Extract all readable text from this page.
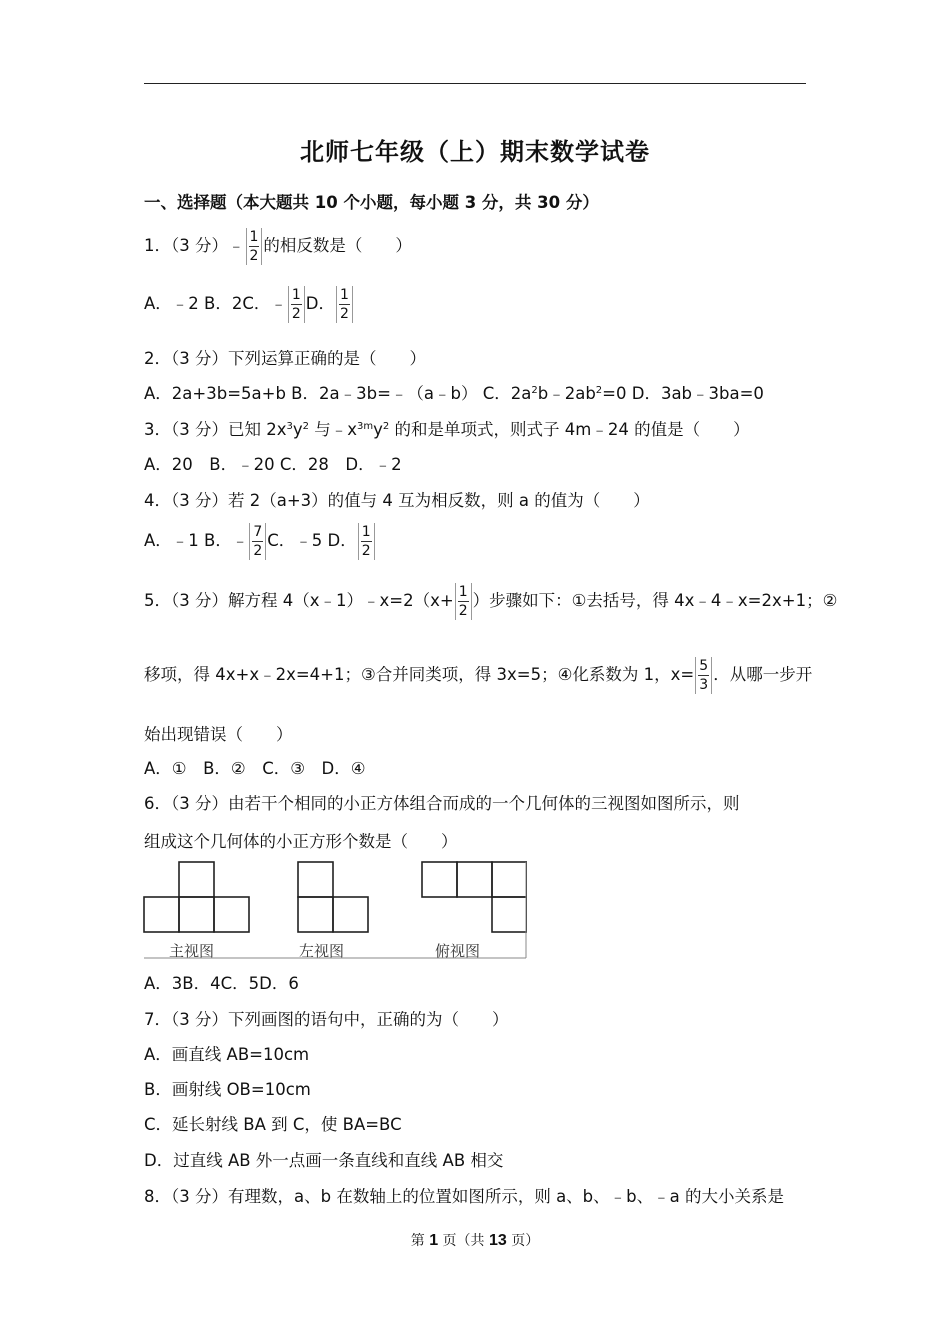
北师七年级（上）期末数学试卷
一、选择题（本大题共 10 个小题，每小题 3 分，共 30 分）
1．（3 分）﹣ $\frac{1}{2}$ 的相反数是（　　）
A．﹣2 B．2C．﹣ $\frac{1}{2}$ D． $\frac{1}{2}$
2．（3 分）下列运算正确的是（　　）
A．2a+3b=5a+b B．2a﹣3b=﹣（a﹣b） C．$2a^2b﹣2ab^2=0$ D．3ab﹣3ba=0
3．（3 分）已知 $2x^3y^2$ 与$﹣x^{3m}y^2$ 的和是单项式，则式子 4m﹣24 的值是（　　）
A．20　B．﹣20 C．28　D．﹣2
4．（3 分）若 2（a+3）的值与 4 互为相反数，则 a 的值为（　　）
A．﹣1 B．﹣ $\frac{7}{2}$ C．﹣5 D． $\frac{1}{2}$
5．（3 分）解方程 4（x﹣1）﹣x=2（x+ $\frac{1}{2}$ ）步骤如下：①去括号，得 4x﹣4﹣x=2x+1；②
移项，得 4x+x﹣2x=4+1；③合并同类项，得 3x=5；④化系数为 1，$x= \frac{5}{3}$ ．从哪一步开
始出现错误（　　）
A．①　B．②　C．③　D．④
6．（3 分）由若干个相同的小正方体组合而成的一个几何体的三视图如图所示，则
组成这个几何体的小正方形个数是（　　）
主视图	左视图	俯视图
A．3B．4C．5D．6
7．（3 分）下列画图的语句中，正确的为（　　）
A．画直线 AB=10cm
B．画射线 OB=10cm
C．延长射线 BA 到 C，使 BA=BC
D．过直线 AB 外一点画一条直线和直线 AB 相交
8．（3 分）有理数，a、b 在数轴上的位置如图所示，则 a、b、﹣b、﹣a 的大小关系是
第 1 页（共 13 页）
